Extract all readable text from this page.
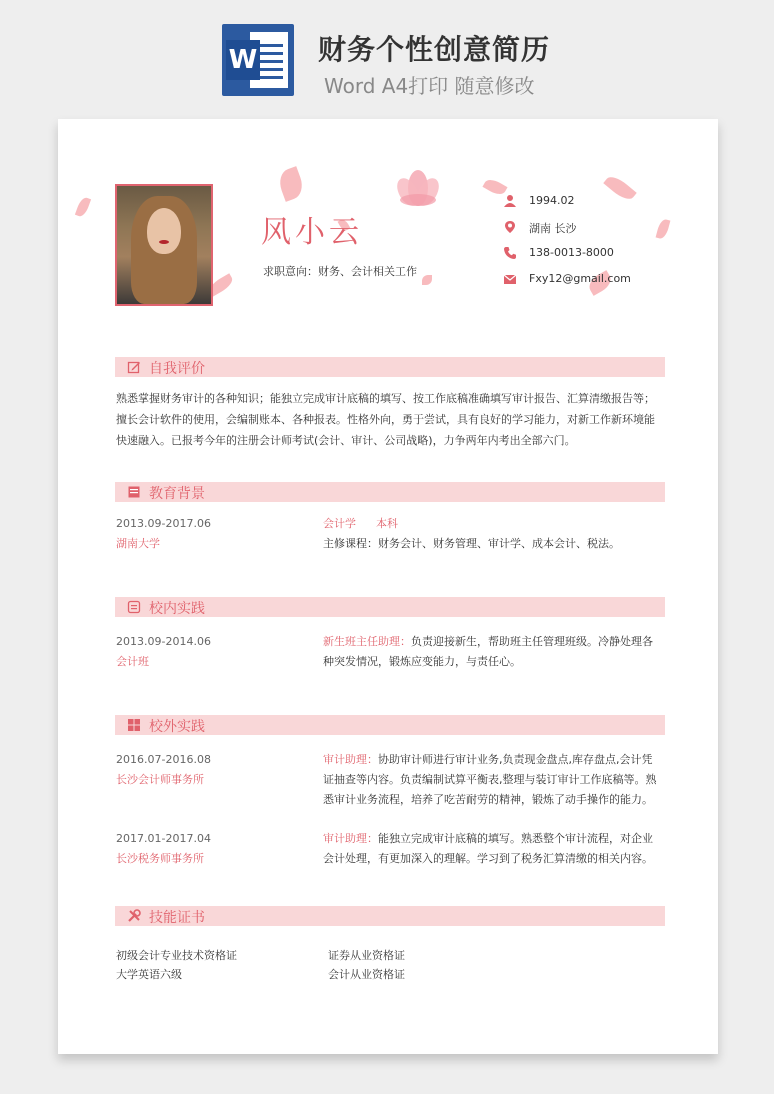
W 财务个性创意简历
Word A4打印 随意修改
风小云
求职意向：财务、会计相关工作
1994.02
湖南 长沙
138-0013-8000
Fxy12@gmail.com
自我评价
熟悉掌握财务审计的各种知识；能独立完成审计底稿的填写、按工作底稿准确填写审计报告、汇算清缴报告等；擅长会计软件的使用，会编制账本、各种报表。性格外向，勇于尝试，具有良好的学习能力，对新工作新环境能快速融入。已报考今年的注册会计师考试(会计、审计、公司战略)，力争两年内考出全部六门。
教育背景
2013.09-2017.06
湖南大学
会计学 本科
主修课程：财务会计、财务管理、审计学、成本会计、税法。
校内实践
2013.09-2014.06
会计班
新生班主任助理：负责迎接新生，帮助班主任管理班级。冷静处理各种突发情况，锻炼应变能力，与责任心。
校外实践
2016.07-2016.08
长沙会计师事务所
审计助理：协助审计师进行审计业务,负责现金盘点,库存盘点,会计凭证抽查等内容。负责编制试算平衡表,整理与装订审计工作底稿等。熟悉审计业务流程，培养了吃苦耐劳的精神，锻炼了动手操作的能力。
2017.01-2017.04
长沙税务师事务所
审计助理：能独立完成审计底稿的填写。熟悉整个审计流程，对企业会计处理，有更加深入的理解。学习到了税务汇算清缴的相关内容。
技能证书
初级会计专业技术资格证	证券从业资格证
大学英语六级	会计从业资格证
